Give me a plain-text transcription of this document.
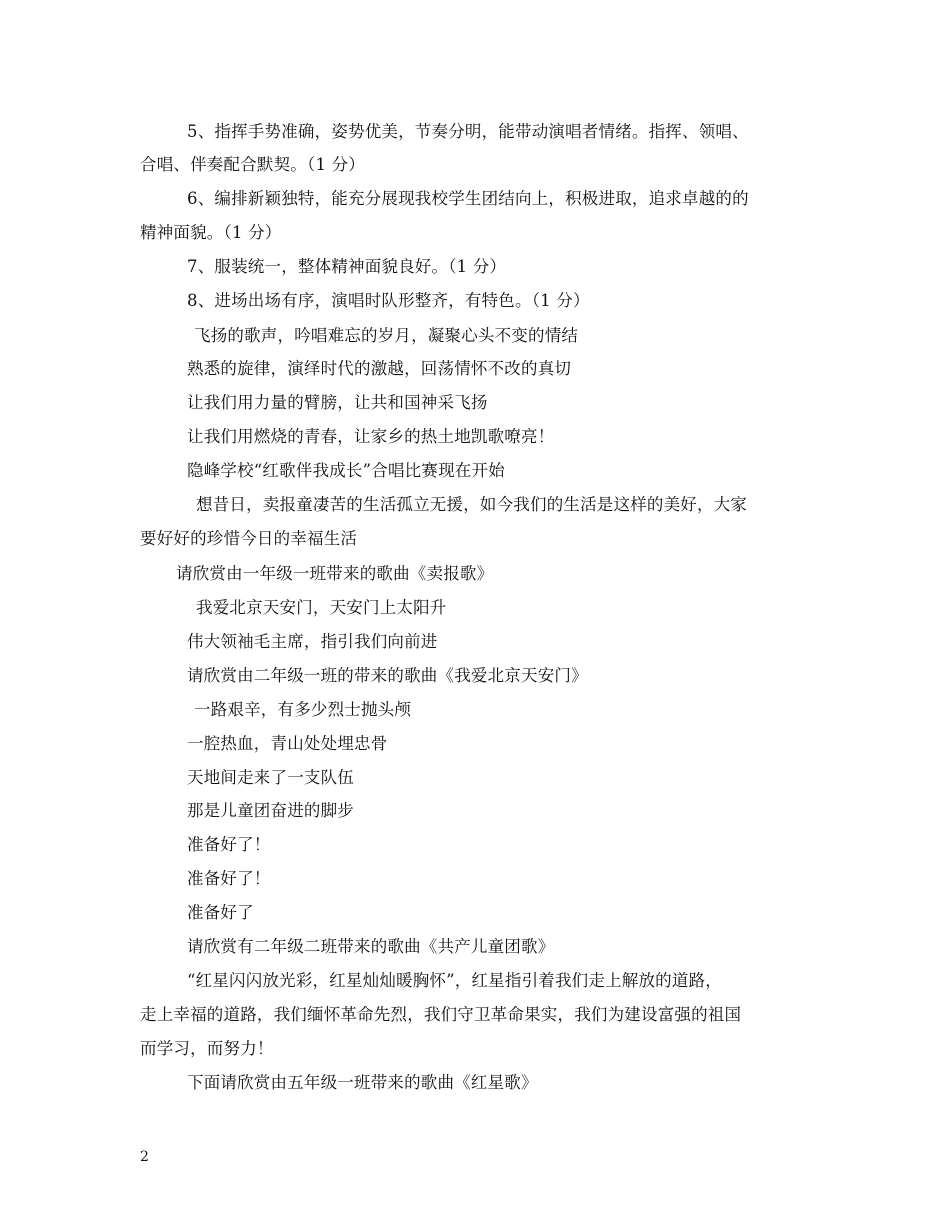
5、指挥手势准确，姿势优美，节奏分明，能带动演唱者情绪。指挥、领唱、
合唱、伴奏配合默契。（1 分）
6、编排新颖独特，能充分展现我校学生团结向上，积极进取，追求卓越的的
精神面貌。（1 分）
7、服装统一，整体精神面貌良好。（1 分）
8、进场出场有序，演唱时队形整齐，有特色。（1 分）
飞扬的歌声，吟唱难忘的岁月，凝聚心头不变的情结
熟悉的旋律，演绎时代的激越，回荡情怀不改的真切
让我们用力量的臂膀，让共和国神采飞扬
让我们用燃烧的青春，让家乡的热土地凯歌嘹亮！
隐峰学校“红歌伴我成长”合唱比赛现在开始
想昔日，卖报童凄苦的生活孤立无援，如今我们的生活是这样的美好，大家
要好好的珍惜今日的幸福生活
请欣赏由一年级一班带来的歌曲《卖报歌》
我爱北京天安门，天安门上太阳升
伟大领袖毛主席，指引我们向前进
请欣赏由二年级一班的带来的歌曲《我爱北京天安门》
一路艰辛，有多少烈士抛头颅
一腔热血，青山处处埋忠骨
天地间走来了一支队伍
那是儿童团奋进的脚步
准备好了！
准备好了！
准备好了
请欣赏有二年级二班带来的歌曲《共产儿童团歌》
“红星闪闪放光彩，红星灿灿暖胸怀”，红星指引着我们走上解放的道路，
走上幸福的道路，我们缅怀革命先烈，我们守卫革命果实，我们为建设富强的祖国
而学习，而努力！
下面请欣赏由五年级一班带来的歌曲《红星歌》
2
